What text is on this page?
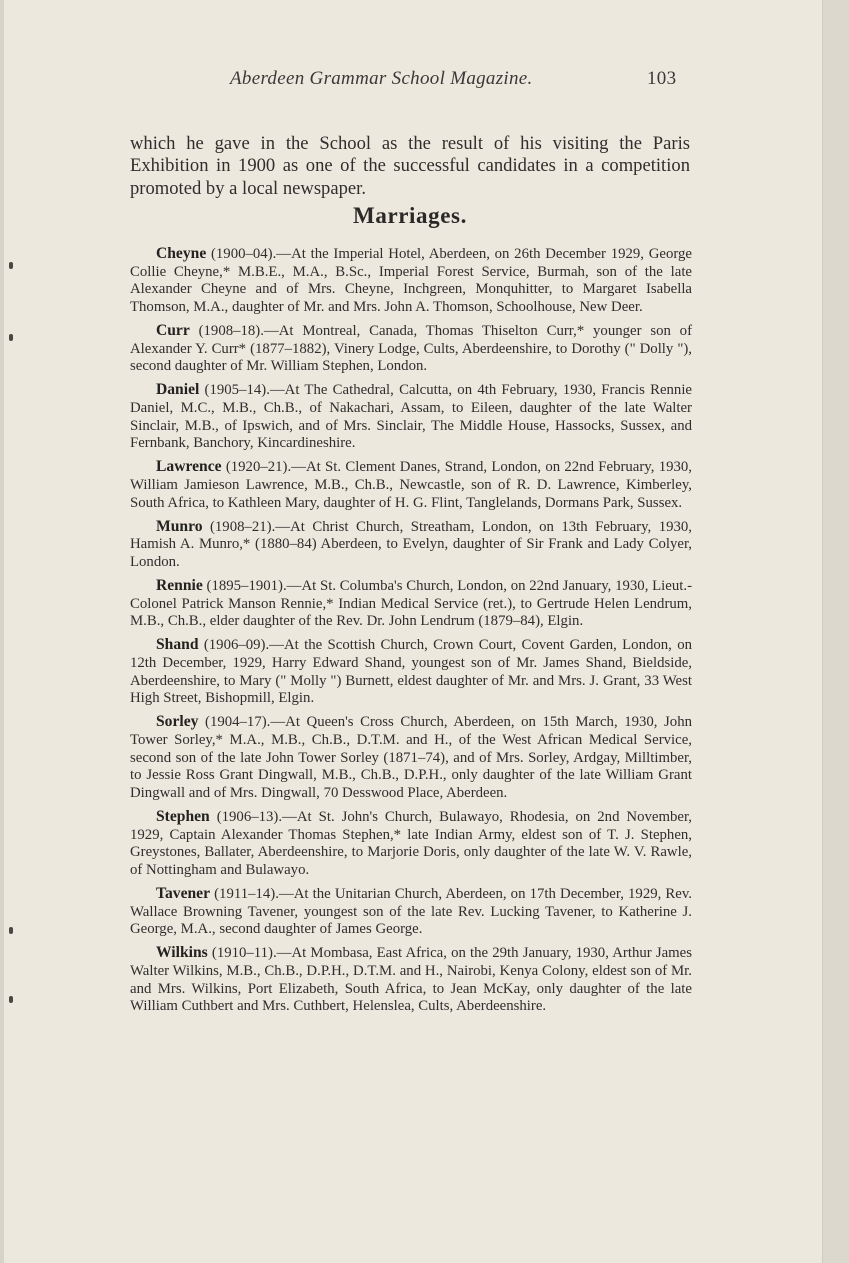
Aberdeen Grammar School Magazine.	103

which he gave in the School as the result of his visiting the Paris Exhibition in 1900 as one of the successful candidates in a competition promoted by a local newspaper.

Marriages.

Cheyne (1900–04).—At the Imperial Hotel, Aberdeen, on 26th December 1929, George Collie Cheyne,* M.B.E., M.A., B.Sc., Imperial Forest Service, Burmah, son of the late Alexander Cheyne and of Mrs. Cheyne, Inchgreen, Monquhitter, to Margaret Isabella Thomson, M.A., daughter of Mr. and Mrs. John A. Thomson, Schoolhouse, New Deer.

Curr (1908–18).—At Montreal, Canada, Thomas Thiselton Curr,* younger son of Alexander Y. Curr* (1877–1882), Vinery Lodge, Cults, Aberdeenshire, to Dorothy (" Dolly "), second daughter of Mr. William Stephen, London.

Daniel (1905–14).—At The Cathedral, Calcutta, on 4th February, 1930, Francis Rennie Daniel, M.C., M.B., Ch.B., of Nakachari, Assam, to Eileen, daughter of the late Walter Sinclair, M.B., of Ipswich, and of Mrs. Sinclair, The Middle House, Hassocks, Sussex, and Fernbank, Banchory, Kincardineshire.

Lawrence (1920–21).—At St. Clement Danes, Strand, London, on 22nd February, 1930, William Jamieson Lawrence, M.B., Ch.B., Newcastle, son of R. D. Lawrence, Kimberley, South Africa, to Kathleen Mary, daughter of H. G. Flint, Tanglelands, Dormans Park, Sussex.

Munro (1908–21).—At Christ Church, Streatham, London, on 13th February, 1930, Hamish A. Munro,* (1880–84) Aberdeen, to Evelyn, daughter of Sir Frank and Lady Colyer, London.

Rennie (1895–1901).—At St. Columba's Church, London, on 22nd January, 1930, Lieut.-Colonel Patrick Manson Rennie,* Indian Medical Service (ret.), to Gertrude Helen Lendrum, M.B., Ch.B., elder daughter of the Rev. Dr. John Lendrum (1879–84), Elgin.

Shand (1906–09).—At the Scottish Church, Crown Court, Covent Garden, London, on 12th December, 1929, Harry Edward Shand, youngest son of Mr. James Shand, Bieldside, Aberdeenshire, to Mary (" Molly ") Burnett, eldest daughter of Mr. and Mrs. J. Grant, 33 West High Street, Bishopmill, Elgin.

Sorley (1904–17).—At Queen's Cross Church, Aberdeen, on 15th March, 1930, John Tower Sorley,* M.A., M.B., Ch.B., D.T.M. and H., of the West African Medical Service, second son of the late John Tower Sorley (1871–74), and of Mrs. Sorley, Ardgay, Milltimber, to Jessie Ross Grant Dingwall, M.B., Ch.B., D.P.H., only daughter of the late William Grant Dingwall and of Mrs. Dingwall, 70 Desswood Place, Aberdeen.

Stephen (1906–13).—At St. John's Church, Bulawayo, Rhodesia, on 2nd November, 1929, Captain Alexander Thomas Stephen,* late Indian Army, eldest son of T. J. Stephen, Greystones, Ballater, Aberdeenshire, to Marjorie Doris, only daughter of the late W. V. Rawle, of Nottingham and Bulawayo.

Tavener (1911–14).—At the Unitarian Church, Aberdeen, on 17th December, 1929, Rev. Wallace Browning Tavener, youngest son of the late Rev. Lucking Tavener, to Katherine J. George, M.A., second daughter of James George.

Wilkins (1910–11).—At Mombasa, East Africa, on the 29th January, 1930, Arthur James Walter Wilkins, M.B., Ch.B., D.P.H., D.T.M. and H., Nairobi, Kenya Colony, eldest son of Mr. and Mrs. Wilkins, Port Elizabeth, South Africa, to Jean McKay, only daughter of the late William Cuthbert and Mrs. Cuthbert, Helenslea, Cults, Aberdeenshire.
